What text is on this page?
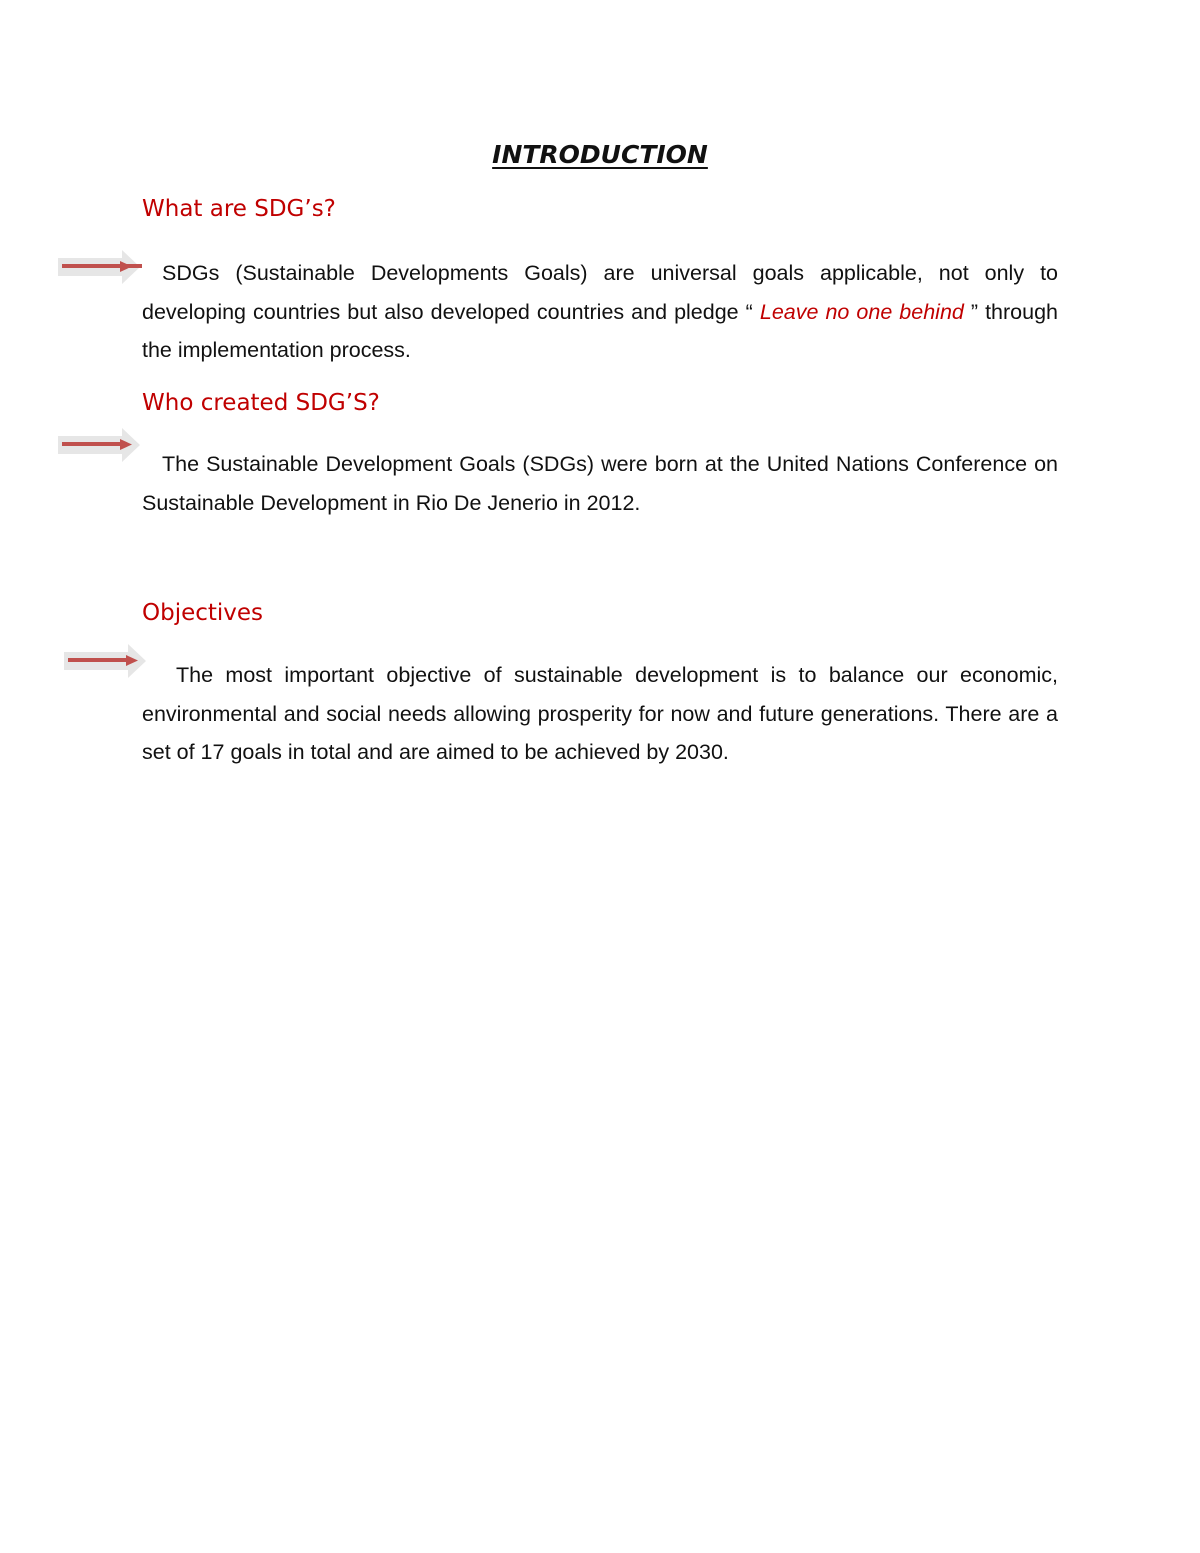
INTRODUCTION
What are SDG’s?

SDGs (Sustainable Developments Goals) are universal goals applicable, not only to developing countries but also developed countries and pledge “ Leave no one behind ” through the implementation process.

Who created SDG’S?

The Sustainable Development Goals (SDGs) were born at the United Nations Conference on Sustainable Development in Rio De Jenerio in 2012.

Objectives

The most important objective of sustainable development is to balance our economic, environmental and social needs allowing prosperity for now and future generations. There are a set of 17 goals in total and are aimed to be achieved by 2030.
